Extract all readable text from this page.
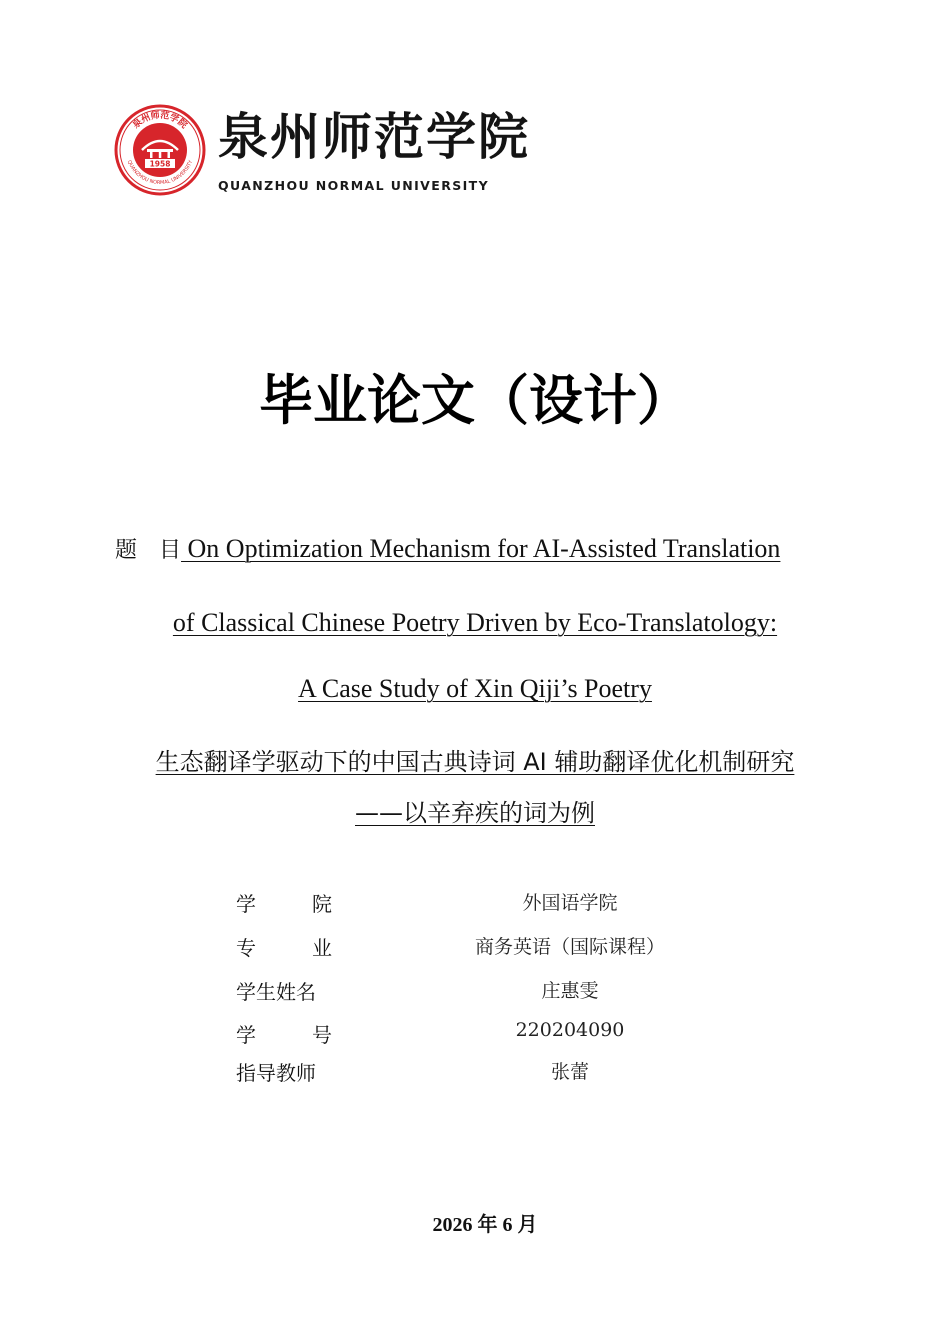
1958
泉州师范学院
QUANZHOU NORMAL UNIVERSITY 泉州师范学院
QUANZHOU NORMAL UNIVERSITY
毕业论文（设计）
题 目 On Optimization Mechanism for AI-Assisted Translation
of Classical Chinese Poetry Driven by Eco-Translatology:
A Case Study of Xin Qiji’s Poetry
生态翻译学驱动下的中国古典诗词 AI 辅助翻译优化机制研究
——以辛弃疾的词为例
学	院	外国语学院
专	业	商务英语（国际课程）
学生姓名	庄惠雯
学	号	220204090
指导教师	张蕾
2026 年 6 月
